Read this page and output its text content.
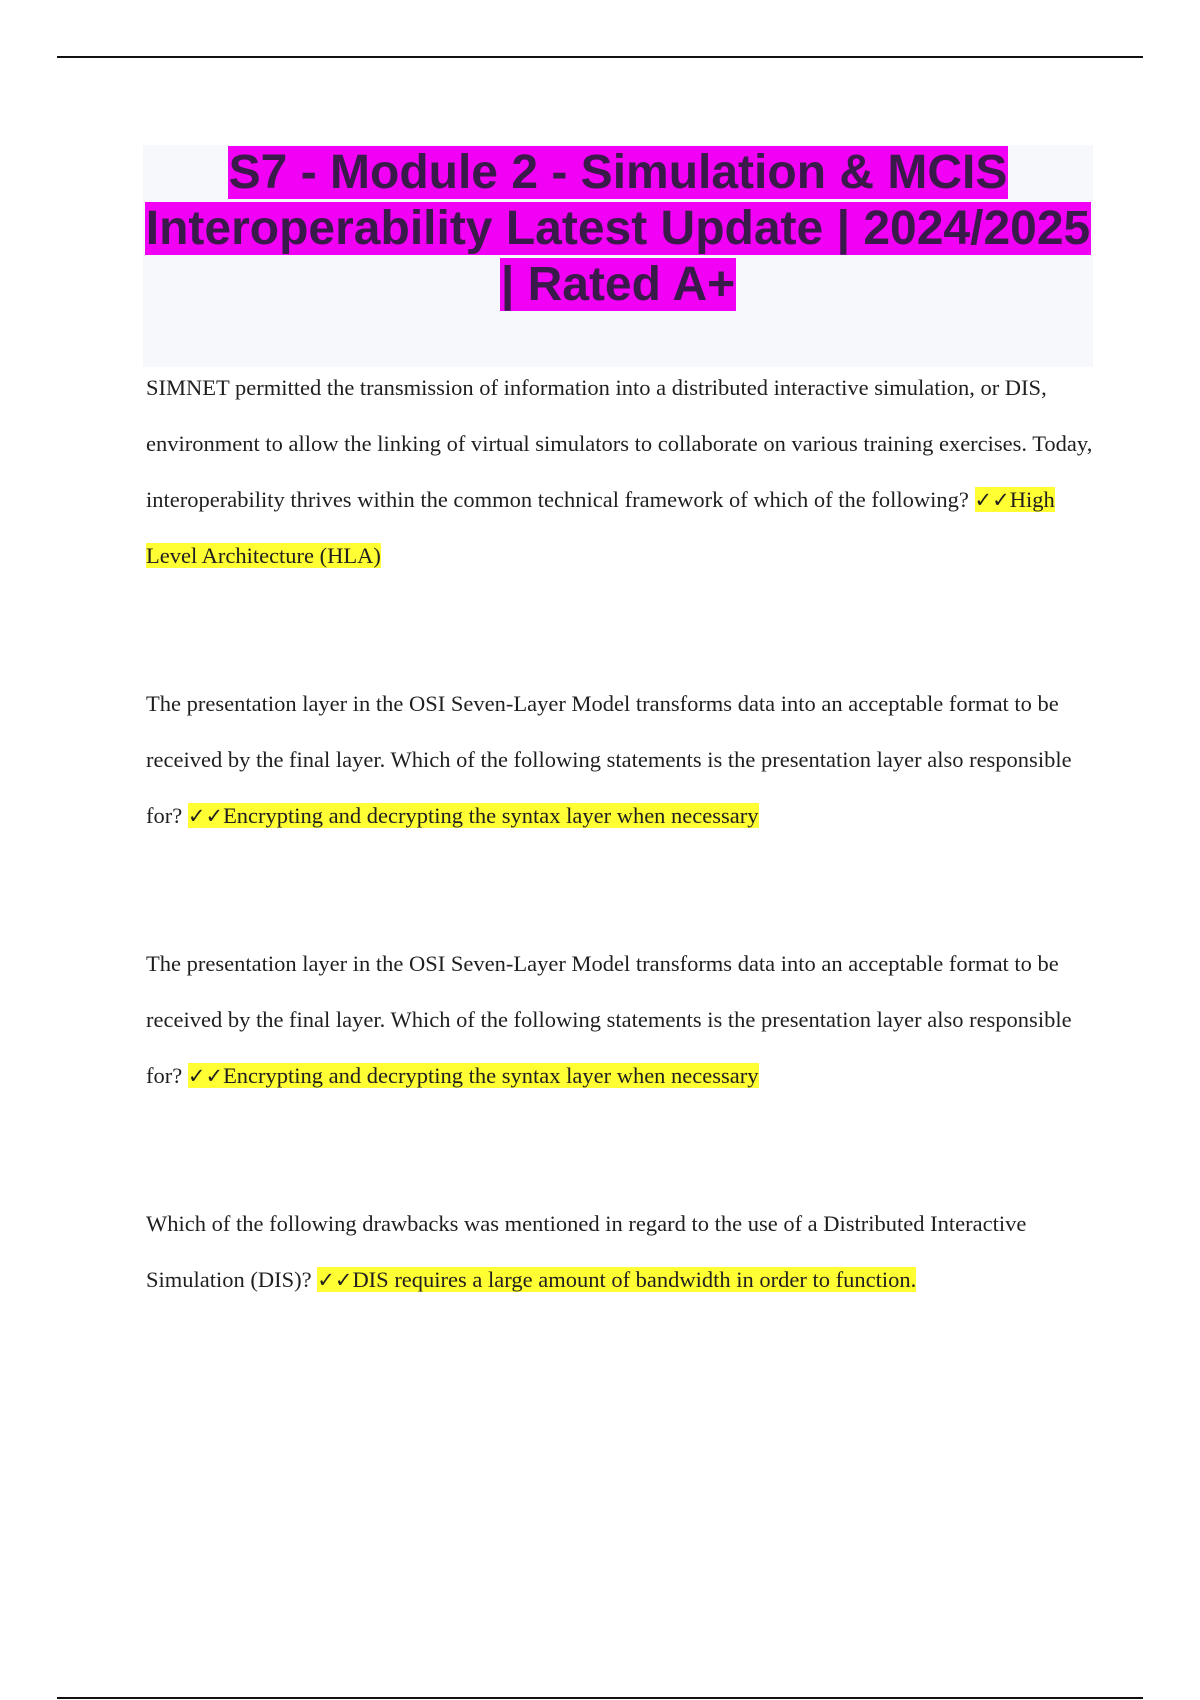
S7 - Module 2 - Simulation & MCIS Interoperability Latest Update | 2024/2025 | Rated A+

SIMNET permitted the transmission of information into a distributed interactive simulation, or DIS, environment to allow the linking of virtual simulators to collaborate on various training exercises. Today, interoperability thrives within the common technical framework of which of the following? ✓✓High Level Architecture (HLA)

The presentation layer in the OSI Seven-Layer Model transforms data into an acceptable format to be received by the final layer. Which of the following statements is the presentation layer also responsible for? ✓✓Encrypting and decrypting the syntax layer when necessary

The presentation layer in the OSI Seven-Layer Model transforms data into an acceptable format to be received by the final layer. Which of the following statements is the presentation layer also responsible for? ✓✓Encrypting and decrypting the syntax layer when necessary

Which of the following drawbacks was mentioned in regard to the use of a Distributed Interactive Simulation (DIS)? ✓✓DIS requires a large amount of bandwidth in order to function.
